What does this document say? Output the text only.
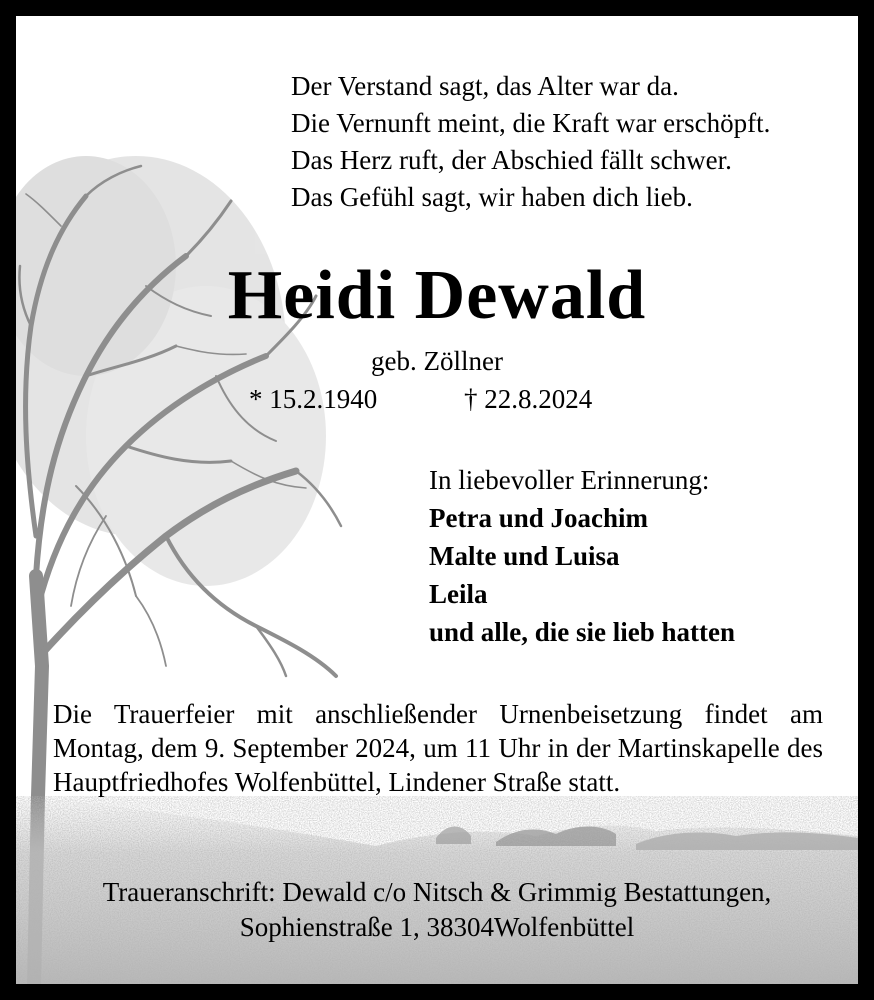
Der Verstand sagt, das Alter war da.
Die Vernunft meint, die Kraft war erschöpft.
Das Herz ruft, der Abschied fällt schwer.
Das Gefühl sagt, wir haben dich lieb.
Heidi Dewald
geb. Zöllner
* 15.2.1940	† 22.8.2024
In liebevoller Erinnerung:
Petra und Joachim
Malte und Luisa
Leila
und alle, die sie lieb hatten
Die Trauerfeier mit anschließender Urnenbeisetzung findet am Montag, dem 9. September 2024, um 11 Uhr in der Martinskapelle des Hauptfriedhofes Wolfenbüttel, Lindener Straße statt.
Traueranschrift: Dewald c/o Nitsch & Grimmig Bestattungen,
Sophienstraße 1, 38304Wolfenbüttel
